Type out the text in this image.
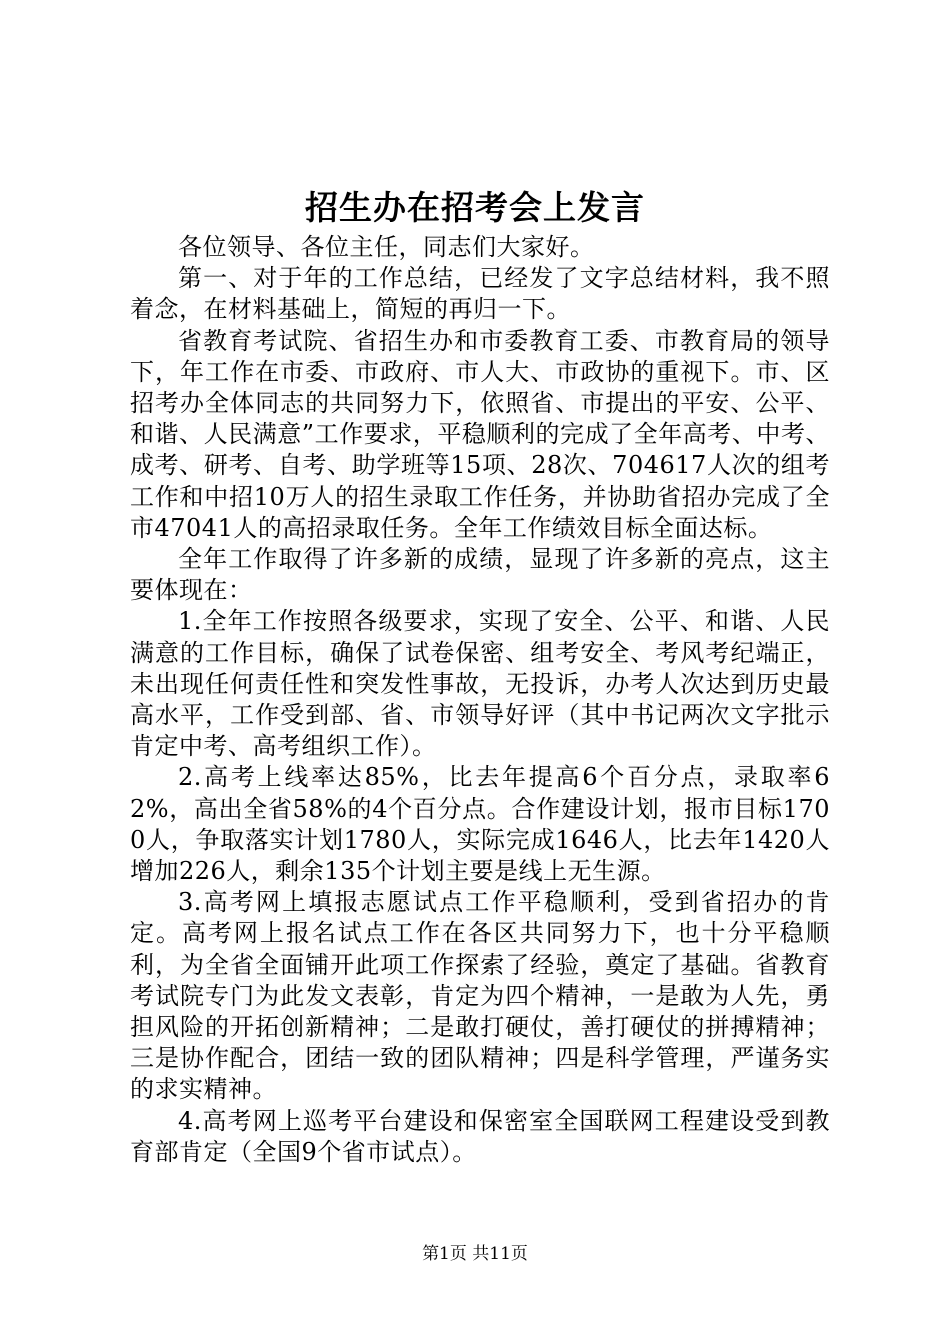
招生办在招考会上发言

各位领导、各位主任，同志们大家好。

第一、对于年的工作总结，已经发了文字总结材料，我不照着念，在材料基础上，简短的再归一下。

省教育考试院、省招生办和市委教育工委、市教育局的领导下，年工作在市委、市政府、市人大、市政协的重视下。市、区招考办全体同志的共同努力下，依照省、市提出的平安、公平、和谐、人民满意”工作要求，平稳顺利的完成了全年高考、中考、成考、研考、自考、助学班等15项、28次、704617人次的组考工作和中招10万人的招生录取工作任务，并协助省招办完成了全市47041人的高招录取任务。全年工作绩效目标全面达标。

全年工作取得了许多新的成绩，显现了许多新的亮点，这主要体现在：

1.全年工作按照各级要求，实现了安全、公平、和谐、人民满意的工作目标，确保了试卷保密、组考安全、考风考纪端正，未出现任何责任性和突发性事故，无投诉，办考人次达到历史最高水平，工作受到部、省、市领导好评（其中书记两次文字批示肯定中考、高考组织工作）。

2.高考上线率达85%，比去年提高6个百分点，录取率62%，高出全省58%的4个百分点。合作建设计划，报市目标1700人，争取落实计划1780人，实际完成1646人，比去年1420人增加226人，剩余135个计划主要是线上无生源。

3.高考网上填报志愿试点工作平稳顺利，受到省招办的肯定。高考网上报名试点工作在各区共同努力下，也十分平稳顺利，为全省全面铺开此项工作探索了经验，奠定了基础。省教育考试院专门为此发文表彰，肯定为四个精神，一是敢为人先，勇担风险的开拓创新精神；二是敢打硬仗，善打硬仗的拼搏精神；三是协作配合，团结一致的团队精神；四是科学管理，严谨务实的求实精神。

4.高考网上巡考平台建设和保密室全国联网工程建设受到教育部肯定（全国9个省市试点）。

第1页 共11页
